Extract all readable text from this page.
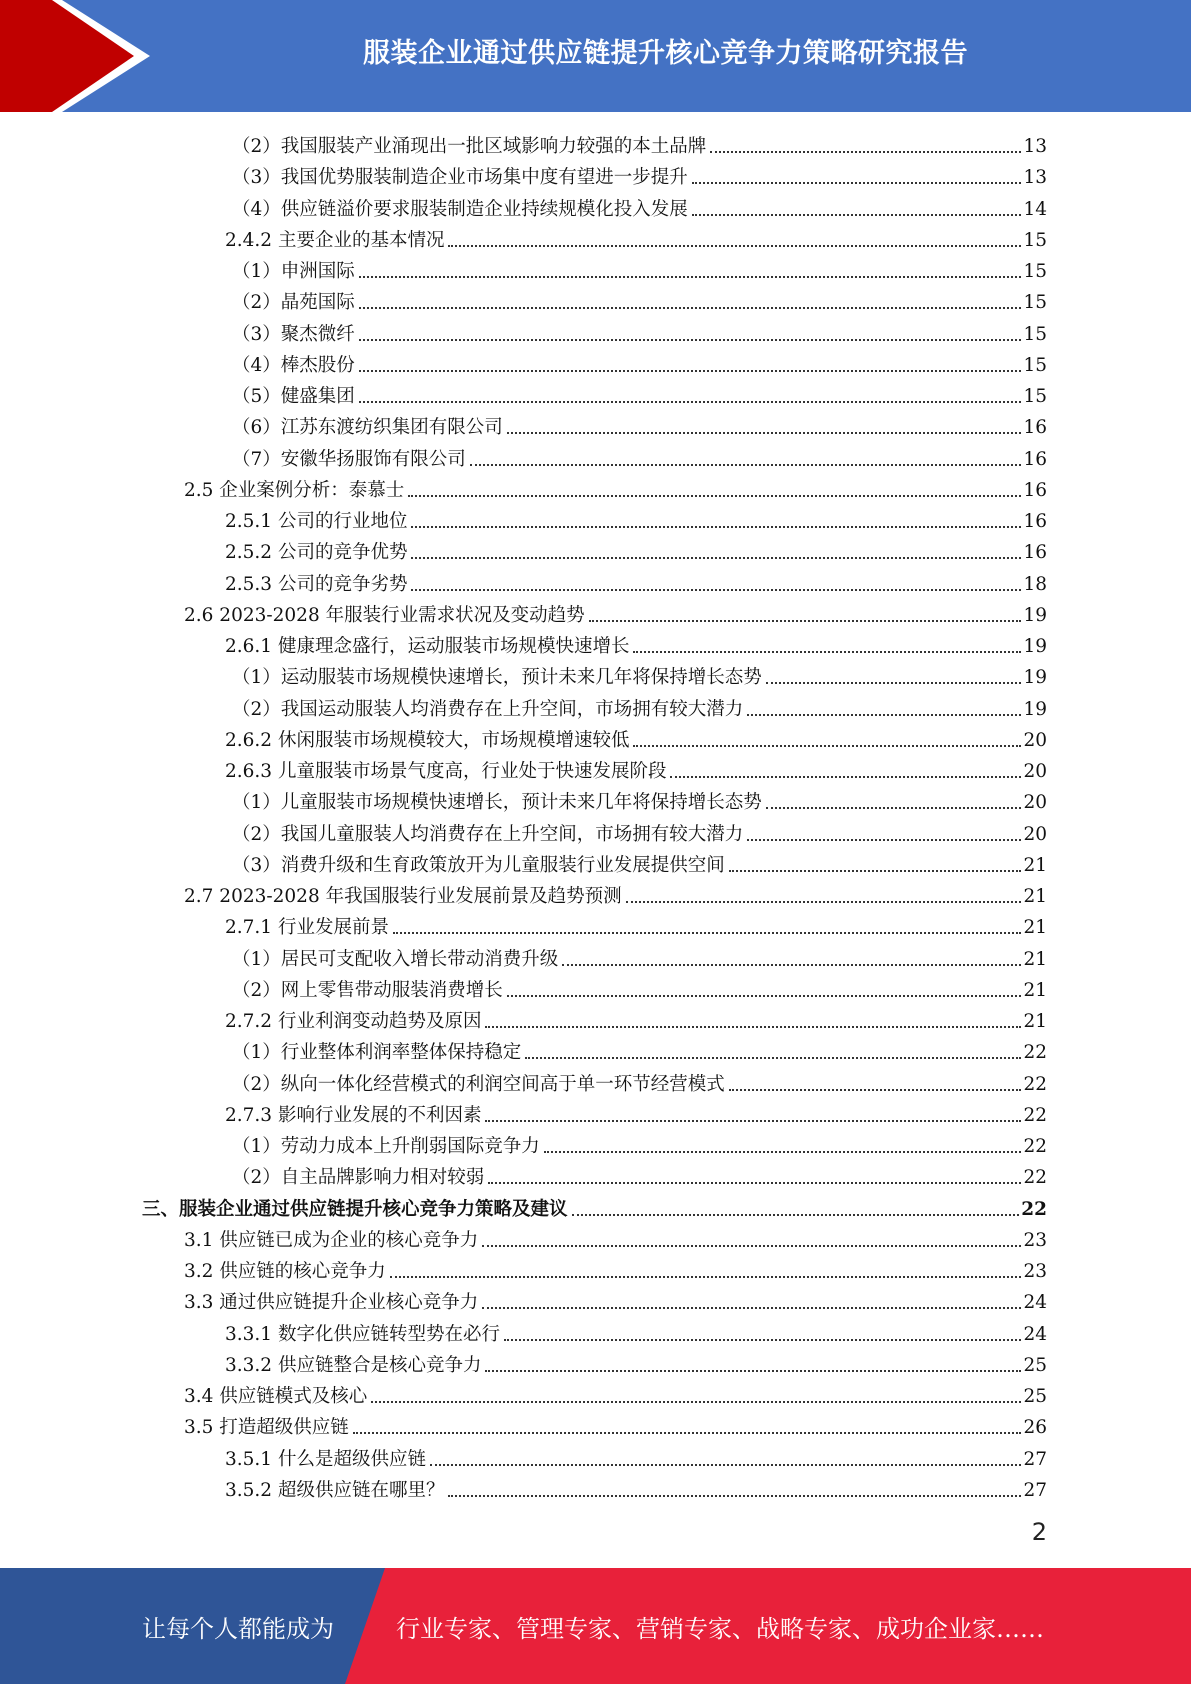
服装企业通过供应链提升核心竞争力策略研究报告
（2）我国服装产业涌现出一批区域影响力较强的本土品牌	13
（3）我国优势服装制造企业市场集中度有望进一步提升	13
（4）供应链溢价要求服装制造企业持续规模化投入发展	14
2.4.2 主要企业的基本情况	15
（1）申洲国际	15
（2）晶苑国际	15
（3）聚杰微纤	15
（4）棒杰股份	15
（5）健盛集团	15
（6）江苏东渡纺织集团有限公司	16
（7）安徽华扬服饰有限公司	16
2.5 企业案例分析：泰慕士	16
2.5.1 公司的行业地位	16
2.5.2 公司的竞争优势	16
2.5.3 公司的竞争劣势	18
2.6 2023-2028 年服装行业需求状况及变动趋势	19
2.6.1 健康理念盛行，运动服装市场规模快速增长	19
（1）运动服装市场规模快速增长，预计未来几年将保持增长态势	19
（2）我国运动服装人均消费存在上升空间，市场拥有较大潜力	19
2.6.2 休闲服装市场规模较大，市场规模增速较低	20
2.6.3 儿童服装市场景气度高，行业处于快速发展阶段	20
（1）儿童服装市场规模快速增长，预计未来几年将保持增长态势	20
（2）我国儿童服装人均消费存在上升空间，市场拥有较大潜力	20
（3）消费升级和生育政策放开为儿童服装行业发展提供空间	21
2.7 2023-2028 年我国服装行业发展前景及趋势预测	21
2.7.1 行业发展前景	21
（1）居民可支配收入增长带动消费升级	21
（2）网上零售带动服装消费增长	21
2.7.2 行业利润变动趋势及原因	21
（1）行业整体利润率整体保持稳定	22
（2）纵向一体化经营模式的利润空间高于单一环节经营模式	22
2.7.3 影响行业发展的不利因素	22
（1）劳动力成本上升削弱国际竞争力	22
（2）自主品牌影响力相对较弱	22
三、服装企业通过供应链提升核心竞争力策略及建议	22
3.1 供应链已成为企业的核心竞争力	23
3.2 供应链的核心竞争力	23
3.3 通过供应链提升企业核心竞争力	24
3.3.1 数字化供应链转型势在必行	24
3.3.2 供应链整合是核心竞争力	25
3.4 供应链模式及核心	25
3.5 打造超级供应链	26
3.5.1 什么是超级供应链	27
3.5.2 超级供应链在哪里？	27
2
让每个人都能成为	行业专家、管理专家、营销专家、战略专家、成功企业家……
